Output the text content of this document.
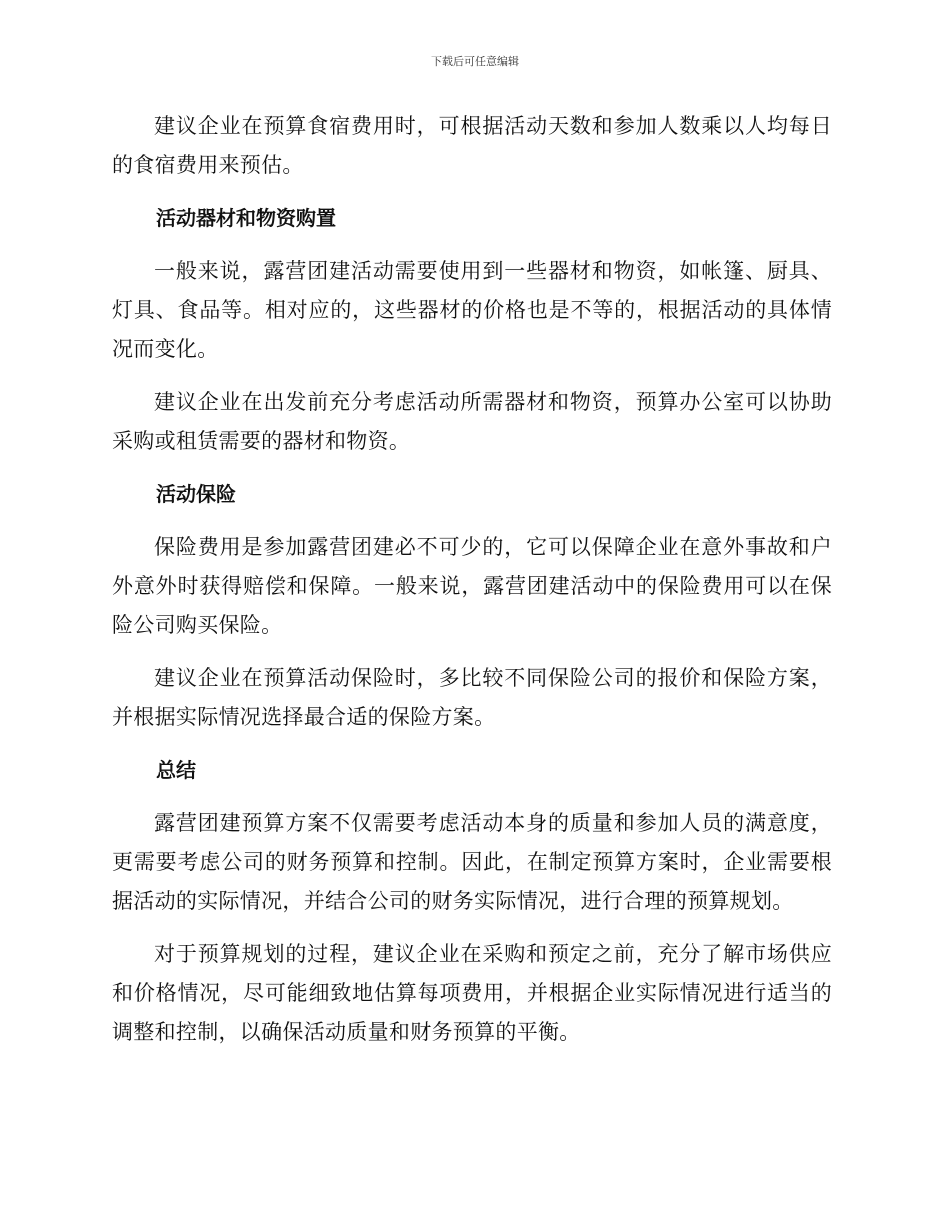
下载后可任意编辑

建议企业在预算食宿费用时，可根据活动天数和参加人数乘以人均每日的食宿费用来预估。

活动器材和物资购置

一般来说，露营团建活动需要使用到一些器材和物资，如帐篷、厨具、灯具、食品等。相对应的，这些器材的价格也是不等的，根据活动的具体情况而变化。

建议企业在出发前充分考虑活动所需器材和物资，预算办公室可以协助采购或租赁需要的器材和物资。

活动保险

保险费用是参加露营团建必不可少的，它可以保障企业在意外事故和户外意外时获得赔偿和保障。一般来说，露营团建活动中的保险费用可以在保险公司购买保险。

建议企业在预算活动保险时，多比较不同保险公司的报价和保险方案，并根据实际情况选择最合适的保险方案。

总结

露营团建预算方案不仅需要考虑活动本身的质量和参加人员的满意度，更需要考虑公司的财务预算和控制。因此，在制定预算方案时，企业需要根据活动的实际情况，并结合公司的财务实际情况，进行合理的预算规划。

对于预算规划的过程，建议企业在采购和预定之前，充分了解市场供应和价格情况，尽可能细致地估算每项费用，并根据企业实际情况进行适当的调整和控制，以确保活动质量和财务预算的平衡。
